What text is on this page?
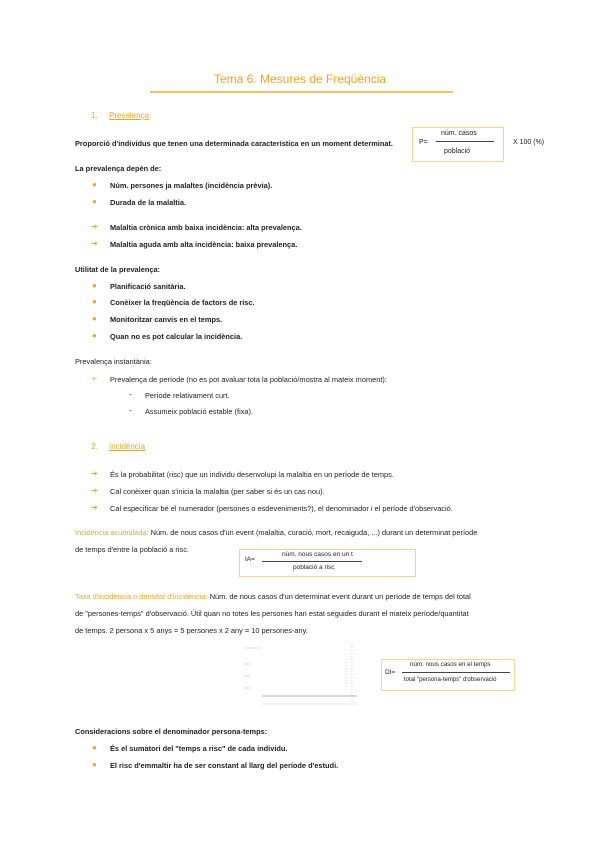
Tema 6. Mesures de Freqüència
1. Prevalença
Proporció d'individus que tenen una determinada característica en un moment determinat.	P=
núm. casos
població
X 100 (%)
La prevalença depèn de:
● Núm. persones ja malaltes (incidència prèvia).
● Durada de la malaltia.
➔ Malaltia crònica amb baixa incidència: alta prevalença.
➔ Malaltia aguda amb alta incidència: baixa prevalença.
Utilitat de la prevalença:
● Planificació sanitària.
● Conèixer la freqüència de factors de risc.
● Monitoritzar canvis en el temps.
● Quan no es pot calcular la incidència.
Prevalença instantània:
➢ Prevalença de període (no es pot avaluar tota la població/mostra al mateix moment):
- Període relativament curt.
- Assumeix població estable (fixa).
2. Incidència
➔ És la probabilitat (risc) que un individu desenvolupi la malaltia en un període de temps.
➔ Cal conèixer quan s'inicia la malaltia (per saber si és un cas nou).
➔ Cal especificar bé el numerador (persones o esdeveniments?), el denominador i el període d'observació.
Incidència acumulada: Núm. de nous casos d'un event (malaltia, curació, mort, recaiguda, ...) durant un determinat període
de temps d'entre la població a risc.
IA=
núm. nous casos en un t
població a risc
Taxa d'incidència o densitat d'incidència: Núm. de nous casos d'un determinat event durant un període de temps del total
de "persones-temps" d'observació. Útil quan no totes les persones han estat seguides durant el mateix període/quantitat
de temps. 2 persona x 5 anys = 5 persones x 2 any = 10 persones-any.
DI=
núm. nous casos en el temps
total "persona-temps" d'observació
Consideracions sobre el denominador persona-temps:
● És el sumatori del "temps a risc" de cada individu.
● El risc d'emmaltir ha de ser constant al llarg del període d'estudi.
